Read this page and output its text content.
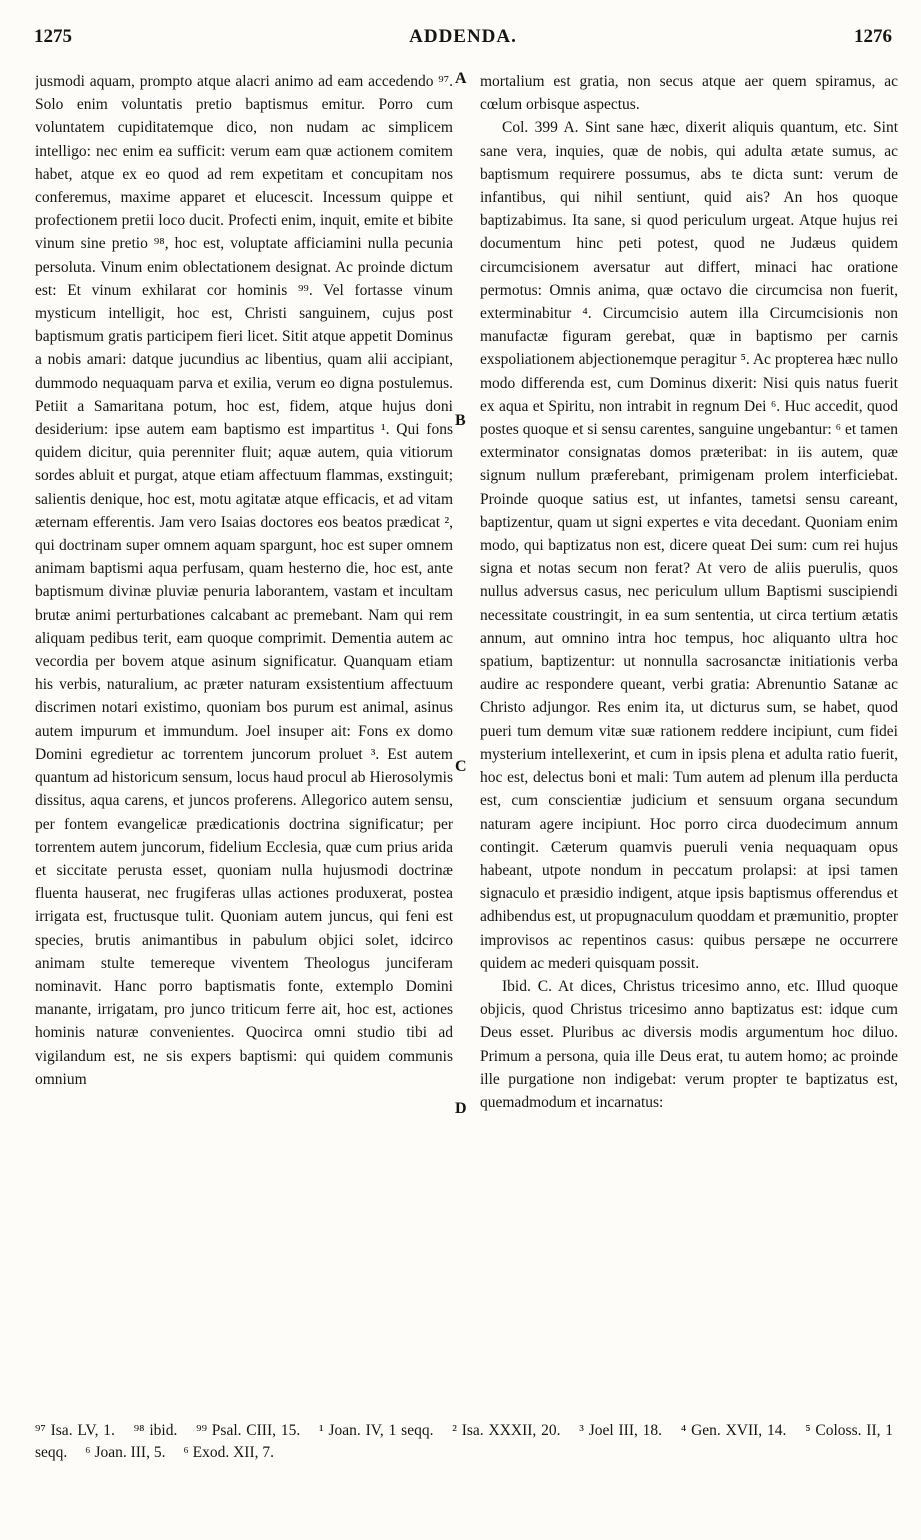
1275	ADDENDA.	1276

jusmodi aquam, prompto atque alacri animo ad eam accedendo ⁹⁷. Solo enim voluntatis pretio baptismus emitur. Porro cum voluntatem cupiditatemque dico, non nudam ac simplicem intelligo: nec enim ea sufficit: verum eam quæ actionem comitem habet, atque ex eo quod ad rem expetitam et concupitam nos conferemus, maxime apparet et elucescit. Incessum quippe et profectionem pretii loco ducit. Profecti enim, inquit, emite et bibite vinum sine pretio ⁹⁸, hoc est, voluptate afficiamini nulla pecunia persoluta. Vinum enim oblectationem designat. Ac proinde dictum est: Et vinum exhilarat cor hominis ⁹⁹. Vel fortasse vinum mysticum intelligit, hoc est, Christi sanguinem, cujus post baptismum gratis participem fieri licet. Sitit atque appetit Dominus a nobis amari: datque jucundius ac libentius, quam alii accipiant, dummodo nequaquam parva et exilia, verum eo digna postulemus. Petiit a Samaritana potum, hoc est, fidem, atque hujus doni desiderium: ipse autem eam baptismo est impartitus ¹. Qui fons quidem dicitur, quia perenniter fluit; aquæ autem, quia vitiorum sordes abluit et purgat, atque etiam affectuum flammas, exstinguit; salientis denique, hoc est, motu agitatæ atque efficacis, et ad vitam æternam efferentis. Jam vero Isaias doctores eos beatos prædicat ², qui doctrinam super omnem aquam spargunt, hoc est super omnem animam baptismi aqua perfusam, quam hesterno die, hoc est, ante baptismum divinæ pluviæ penuria laborantem, vastam et incultam brutæ animi perturbationes calcabant ac premebant. Nam qui rem aliquam pedibus terit, eam quoque comprimit. Dementia autem ac vecordia per bovem atque asinum significatur. Quanquam etiam his verbis, naturalium, ac præter naturam exsistentium affectuum discrimen notari existimo, quoniam bos purum est animal, asinus autem impurum et immundum. Joel insuper ait: Fons ex domo Domini egredietur ac torrentem juncorum proluet ³. Est autem quantum ad historicum sensum, locus haud procul ab Hierosolymis dissitus, aqua carens, et juncos proferens. Allegorico autem sensu, per fontem evangelicæ prædicationis doctrina significatur; per torrentem autem juncorum, fidelium Ecclesia, quæ cum prius arida et siccitate perusta esset, quoniam nulla hujusmodi doctrinæ fluenta hauserat, nec frugiferas ullas actiones produxerat, postea irrigata est, fructusque tulit. Quoniam autem juncus, qui feni est species, brutis animantibus in pabulum objici solet, idcirco animam stulte temereque viventem Theologus junciferam nominavit. Hanc porro baptismatis fonte, extemplo Domini manante, irrigatam, pro junco triticum ferre ait, hoc est, actiones hominis naturæ convenientes. Quocirca omni studio tibi ad vigilandum est, ne sis expers baptismi: qui quidem communis omnium

A
B
C
D

mortalium est gratia, non secus atque aer quem spiramus, ac cœlum orbisque aspectus.

Col. 399 A. Sint sane hæc, dixerit aliquis quantum, etc. Sint sane vera, inquies, quæ de nobis, qui adulta ætate sumus, ac baptismum requirere possumus, abs te dicta sunt: verum de infantibus, qui nihil sentiunt, quid ais? An hos quoque baptizabimus. Ita sane, si quod periculum urgeat. Atque hujus rei documentum hinc peti potest, quod ne Judæus quidem circumcisionem aversatur aut differt, minaci hac oratione permotus: Omnis anima, quæ octavo die circumcisa non fuerit, exterminabitur ⁴. Circumcisio autem illa Circumcisionis non manufactæ figuram gerebat, quæ in baptismo per carnis exspoliationem abjectionemque peragitur ⁵. Ac propterea hæc nullo modo differenda est, cum Dominus dixerit: Nisi quis natus fuerit ex aqua et Spiritu, non intrabit in regnum Dei ⁶. Huc accedit, quod postes quoque et si sensu carentes, sanguine ungebantur: ⁶ et tamen exterminator consignatas domos præteribat: in iis autem, quæ signum nullum præferebant, primigenam prolem interficiebat. Proinde quoque satius est, ut infantes, tametsi sensu careant, baptizentur, quam ut signi expertes e vita decedant. Quoniam enim modo, qui baptizatus non est, dicere queat Dei sum: cum rei hujus signa et notas secum non ferat? At vero de aliis puerulis, quos nullus adversus casus, nec periculum ullum Baptismi suscipiendi necessitate coustringit, in ea sum sententia, ut circa tertium ætatis annum, aut omnino intra hoc tempus, hoc aliquanto ultra hoc spatium, baptizentur: ut nonnulla sacrosanctæ initiationis verba audire ac respondere queant, verbi gratia: Abrenuntio Satanæ ac Christo adjungor. Res enim ita, ut dicturus sum, se habet, quod pueri tum demum vitæ suæ rationem reddere incipiunt, cum fidei mysterium intellexerint, et cum in ipsis plena et adulta ratio fuerit, hoc est, delectus boni et mali: Tum autem ad plenum illa perducta est, cum conscientiæ judicium et sensuum organa secundum naturam agere incipiunt. Hoc porro circa duodecimum annum contingit. Cæterum quamvis pueruli venia nequaquam opus habeant, utpote nondum in peccatum prolapsi: at ipsi tamen signaculo et præsidio indigent, atque ipsis baptismus offerendus et adhibendus est, ut propugnaculum quoddam et præmunitio, propter improvisos ac repentinos casus: quibus persæpe ne occurrere quidem ac mederi quisquam possit.

Ibid. C. At dices, Christus tricesimo anno, etc. Illud quoque objicis, quod Christus tricesimo anno baptizatus est: idque cum Deus esset. Pluribus ac diversis modis argumentum hoc diluo. Primum a persona, quia ille Deus erat, tu autem homo; ac proinde ille purgatione non indigebat: verum propter te baptizatus est, quemadmodum et incarnatus:

⁹⁷ Isa. LV, 1. ⁹⁸ ibid. ⁹⁹ Psal. CIII, 15. ¹ Joan. IV, 1 seqq. ² Isa. XXXII, 20. ³ Joel III, 18. ⁴ Gen. XVII, 14. ⁵ Coloss. II, 1 seqq. ⁶ Joan. III, 5. ⁶ Exod. XII, 7.
